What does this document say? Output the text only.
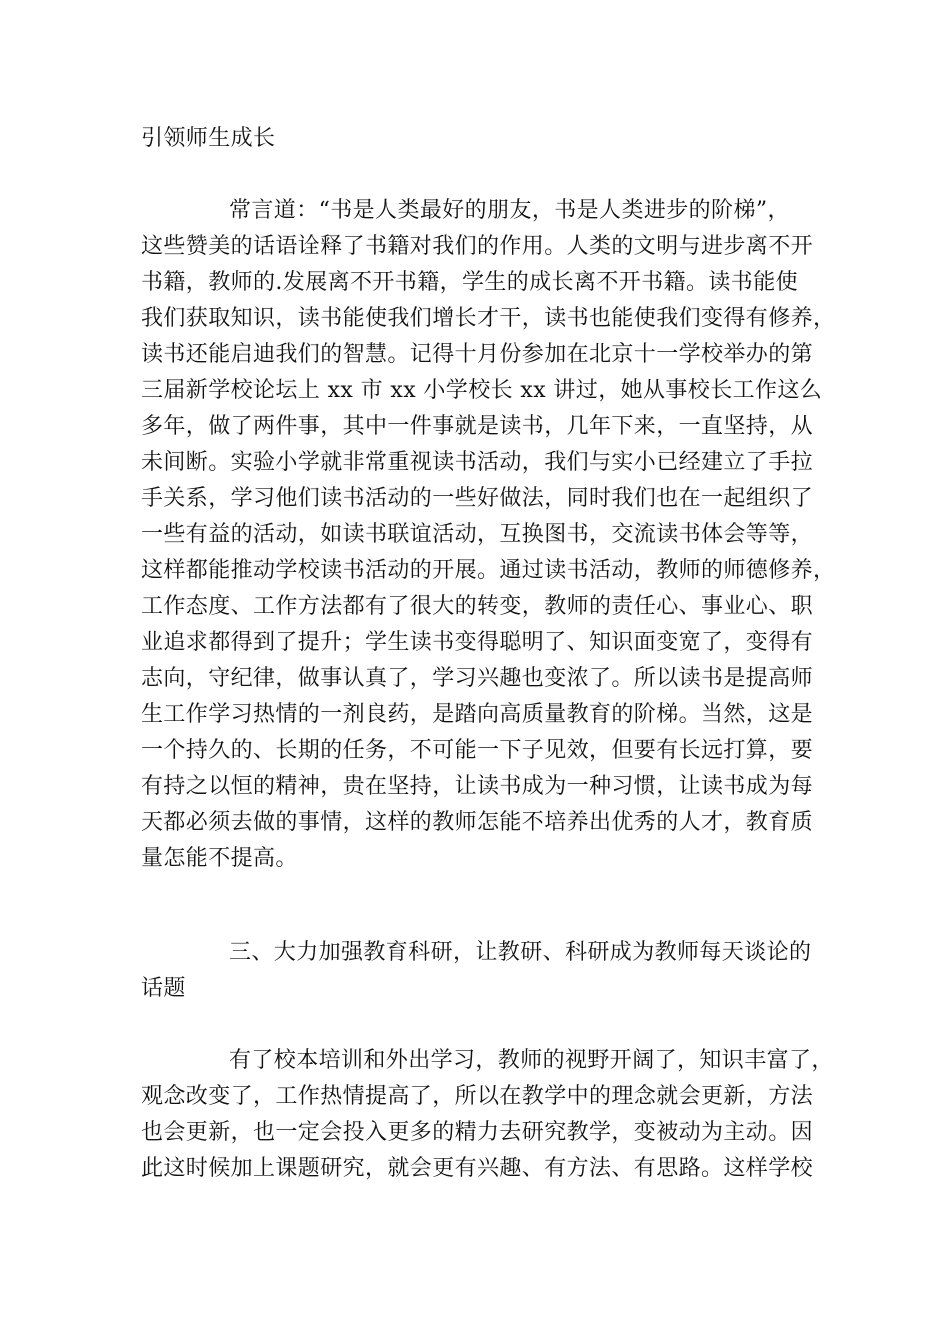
引领师生成长
常言道：“书是人类最好的朋友，书是人类进步的阶梯”，
这些赞美的话语诠释了书籍对我们的作用。人类的文明与进步离不开
书籍，教师的.发展离不开书籍，学生的成长离不开书籍。读书能使
我们获取知识，读书能使我们增长才干，读书也能使我们变得有修养，
读书还能启迪我们的智慧。记得十月份参加在北京十一学校举办的第
三届新学校论坛上 xx 市 xx 小学校长 xx 讲过，她从事校长工作这么
多年，做了两件事，其中一件事就是读书，几年下来，一直坚持，从
未间断。实验小学就非常重视读书活动，我们与实小已经建立了手拉
手关系，学习他们读书活动的一些好做法，同时我们也在一起组织了
一些有益的活动，如读书联谊活动，互换图书，交流读书体会等等，
这样都能推动学校读书活动的开展。通过读书活动，教师的师德修养，
工作态度、工作方法都有了很大的转变，教师的责任心、事业心、职
业追求都得到了提升；学生读书变得聪明了、知识面变宽了，变得有
志向，守纪律，做事认真了，学习兴趣也变浓了。所以读书是提高师
生工作学习热情的一剂良药，是踏向高质量教育的阶梯。当然，这是
一个持久的、长期的任务，不可能一下子见效，但要有长远打算，要
有持之以恒的精神，贵在坚持，让读书成为一种习惯，让读书成为每
天都必须去做的事情，这样的教师怎能不培养出优秀的人才，教育质
量怎能不提高。
三、大力加强教育科研，让教研、科研成为教师每天谈论的
话题
有了校本培训和外出学习，教师的视野开阔了，知识丰富了，
观念改变了，工作热情提高了，所以在教学中的理念就会更新，方法
也会更新，也一定会投入更多的精力去研究教学，变被动为主动。因
此这时候加上课题研究，就会更有兴趣、有方法、有思路。这样学校
